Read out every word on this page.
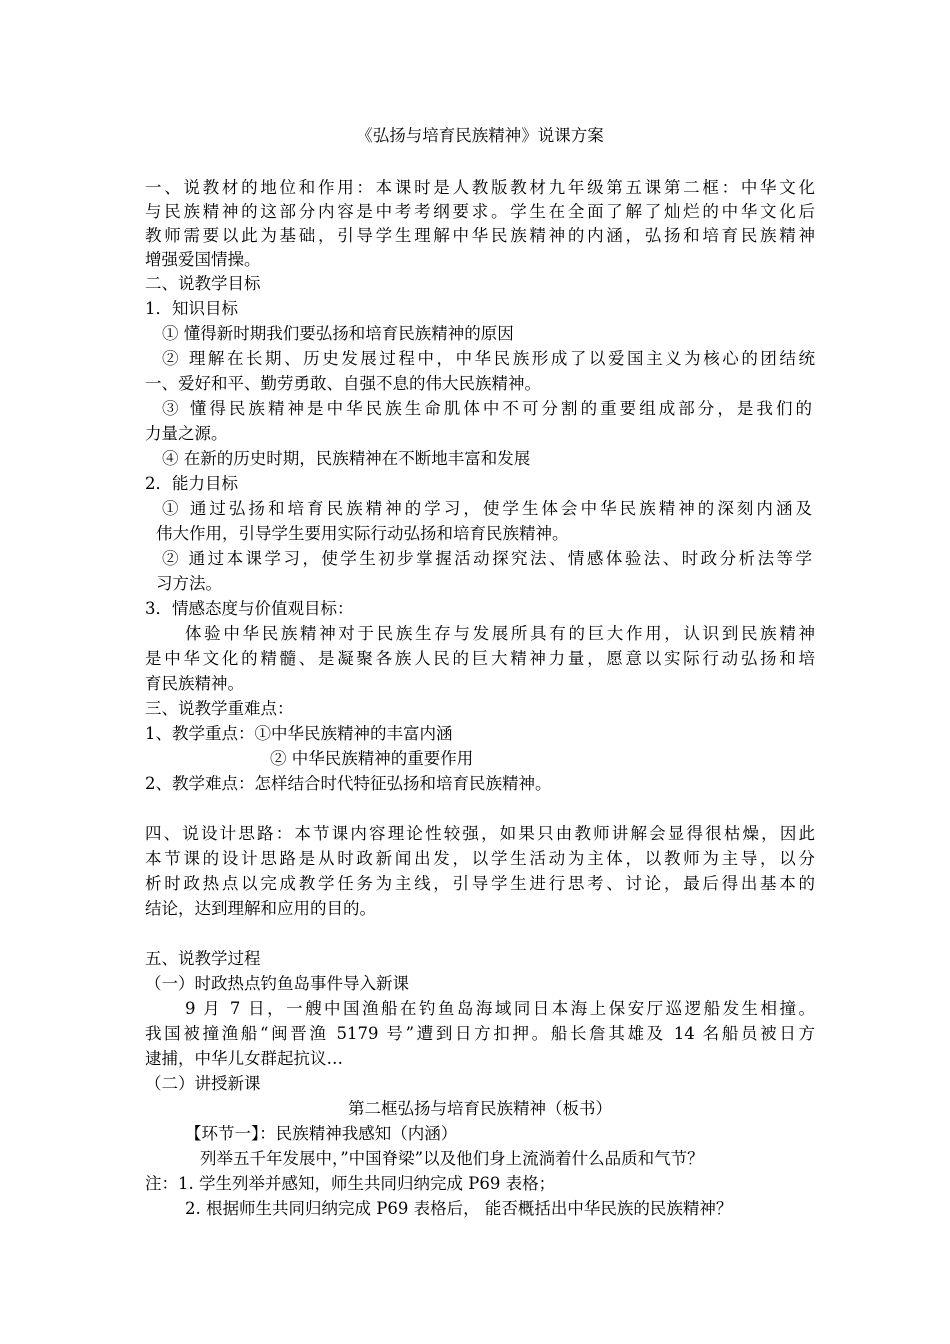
《弘扬与培育民族精神》说课方案
一、说教材的地位和作用：本课时是人教版教材九年级第五课第二框：中华文化
与民族精神的这部分内容是中考考纲要求。学生在全面了解了灿烂的中华文化后
教师需要以此为基础，引导学生理解中华民族精神的内涵，弘扬和培育民族精神
增强爱国情操。
二、说教学目标
1．知识目标
① 懂得新时期我们要弘扬和培育民族精神的原因
② 理解在长期、历史发展过程中，中华民族形成了以爱国主义为核心的团结统
一、爱好和平、勤劳勇敢、自强不息的伟大民族精神。
③ 懂得民族精神是中华民族生命肌体中不可分割的重要组成部分，是我们的
力量之源。
④ 在新的历史时期，民族精神在不断地丰富和发展
2．能力目标
① 通过弘扬和培育民族精神的学习，使学生体会中华民族精神的深刻内涵及
伟大作用，引导学生要用实际行动弘扬和培育民族精神。
② 通过本课学习，使学生初步掌握活动探究法、情感体验法、时政分析法等学
习方法。
3．情感态度与价值观目标：
体验中华民族精神对于民族生存与发展所具有的巨大作用，认识到民族精神
是中华文化的精髓、是凝聚各族人民的巨大精神力量，愿意以实际行动弘扬和培
育民族精神。
三、说教学重难点：
1、教学重点：①中华民族精神的丰富内涵
② 中华民族精神的重要作用
2、教学难点：怎样结合时代特征弘扬和培育民族精神。
四、说设计思路：本节课内容理论性较强，如果只由教师讲解会显得很枯燥，因此
本节课的设计思路是从时政新闻出发，以学生活动为主体，以教师为主导，以分
析时政热点以完成教学任务为主线，引导学生进行思考、讨论，最后得出基本的
结论，达到理解和应用的目的。
五、说教学过程
（一）时政热点钓鱼岛事件导入新课
9 月 7 日，一艘中国渔船在钓鱼岛海域同日本海上保安厅巡逻船发生相撞。
我国被撞渔船“闽晋渔 5179 号”遭到日方扣押。船长詹其雄及 14 名船员被日方
逮捕，中华儿女群起抗议…
（二）讲授新课
第二框弘扬与培育民族精神（板书）
【环节一】：民族精神我感知（内涵）
列举五千年发展中，”中国脊梁”以及他们身上流淌着什么品质和气节？
注：1. 学生列举并感知，师生共同归纳完成 P69 表格；
2. 根据师生共同归纳完成 P69 表格后， 能否概括出中华民族的民族精神？
